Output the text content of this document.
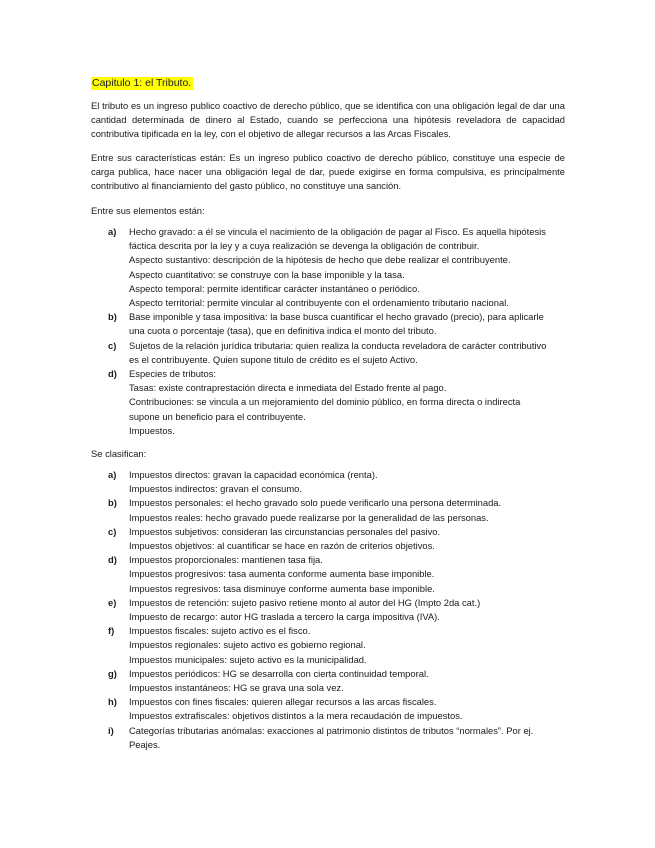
Capitulo 1: el Tributo.

El tributo es un ingreso publico coactivo de derecho público, que se identifica con una obligación legal de dar una cantidad determinada de dinero al Estado, cuando se perfecciona una hipótesis reveladora de capacidad contributiva tipificada en la ley, con el objetivo de allegar recursos a las Arcas Fiscales.

Entre sus características están: Es un ingreso publico coactivo de derecho público, constituye una especie de carga publica, hace nacer una obligación legal de dar, puede exigirse en forma compulsiva, es principalmente contributivo al financiamiento del gasto público, no constituye una sanción.

Entre sus elementos están:

a) Hecho gravado: a él se vincula el nacimiento de la obligación de pagar al Fisco. Es aquella hipótesis
fáctica descrita por la ley y a cuya realización se devenga la obligación de contribuir.
Aspecto sustantivo: descripción de la hipótesis de hecho que debe realizar el contribuyente.
Aspecto cuantitativo: se construye con la base imponible y la tasa.
Aspecto temporal: permite identificar carácter instantáneo o periódico.
Aspecto territorial: permite vincular al contribuyente con el ordenamiento tributario nacional.
b) Base imponible y tasa impositiva: la base busca cuantificar el hecho gravado (precio), para aplicarle
una cuota o porcentaje (tasa), que en definitiva indica el monto del tributo.
c) Sujetos de la relación jurídica tributaria: quien realiza la conducta reveladora de carácter contributivo
es el contribuyente. Quien supone titulo de crédito es el sujeto Activo.
d) Especies de tributos:
Tasas: existe contraprestación directa e inmediata del Estado frente al pago.
Contribuciones: se vincula a un mejoramiento del dominio público, en forma directa o indirecta
supone un beneficio para el contribuyente.
Impuestos.

Se clasifican:

a) Impuestos directos: gravan la capacidad económica (renta).
Impuestos indirectos: gravan el consumo.
b) Impuestos personales: el hecho gravado solo puede verificarlo una persona determinada.
Impuestos reales: hecho gravado puede realizarse por la generalidad de las personas.
c) Impuestos subjetivos: consideran las circunstancias personales del pasivo.
Impuestos objetivos: al cuantificar se hace en razón de criterios objetivos.
d) Impuestos proporcionales: mantienen tasa fija.
Impuestos progresivos: tasa aumenta conforme aumenta base imponible.
Impuestos regresivos: tasa disminuye conforme aumenta base imponible.
e) Impuestos de retención: sujeto pasivo retiene monto al autor del HG (Impto 2da cat.)
Impuesto de recargo: autor HG traslada a tercero la carga impositiva (IVA).
f) Impuestos fiscales: sujeto activo es el fisco.
Impuestos regionales: sujeto activo es gobierno regional.
Impuestos municipales: sujeto activo es la municipalidad.
g) Impuestos periódicos: HG se desarrolla con cierta continuidad temporal.
Impuestos instantáneos: HG se grava una sola vez.
h) Impuestos con fines fiscales: quieren allegar recursos a las arcas fiscales.
Impuestos extrafiscales: objetivos distintos a la mera recaudación de impuestos.
i) Categorías tributarias anómalas: exacciones al patrimonio distintos de tributos “normales”. Por ej.
Peajes.
